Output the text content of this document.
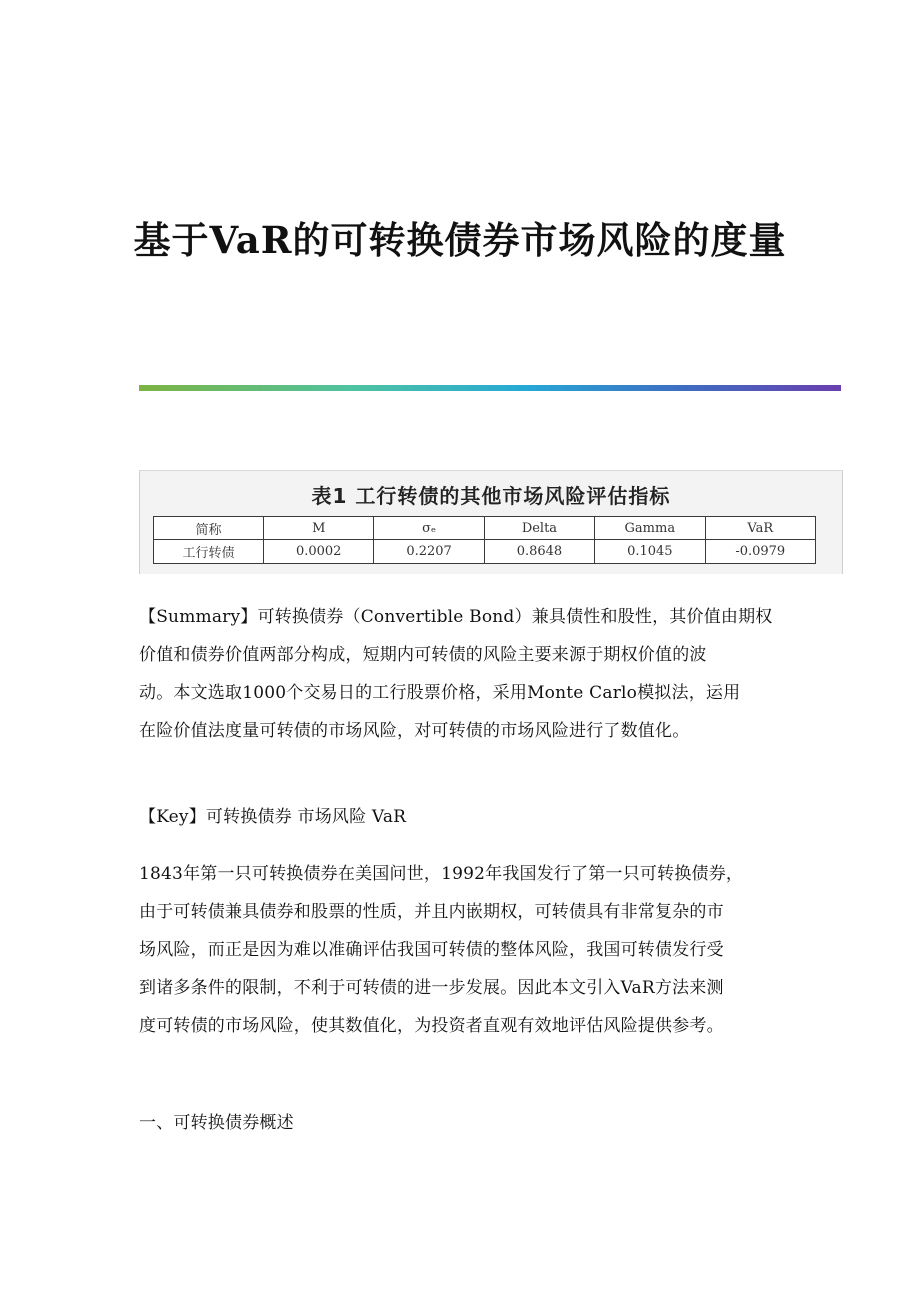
基于VaR的可转换债券市场风险的度量
表1 工行转债的其他市场风险评估指标
简称	M	σₑ	Delta	Gamma	VaR
工行转债	0.0002	0.2207	0.8648	0.1045	-0.0979
【Summary】可转换债券（Convertible Bond）兼具债性和股性，其价值由期权
价值和债券价值两部分构成，短期内可转债的风险主要来源于期权价值的波
动。本文选取1000个交易日的工行股票价格，采用Monte Carlo模拟法，运用
在险价值法度量可转债的市场风险，对可转债的市场风险进行了数值化。
【Key】可转换债券 市场风险 VaR
1843年第一只可转换债券在美国问世，1992年我国发行了第一只可转换债券，
由于可转债兼具债券和股票的性质，并且内嵌期权，可转债具有非常复杂的市
场风险，而正是因为难以准确评估我国可转债的整体风险，我国可转债发行受
到诸多条件的限制，不利于可转债的进一步发展。因此本文引入VaR方法来测
度可转债的市场风险，使其数值化，为投资者直观有效地评估风险提供参考。
一、可转换债券概述
